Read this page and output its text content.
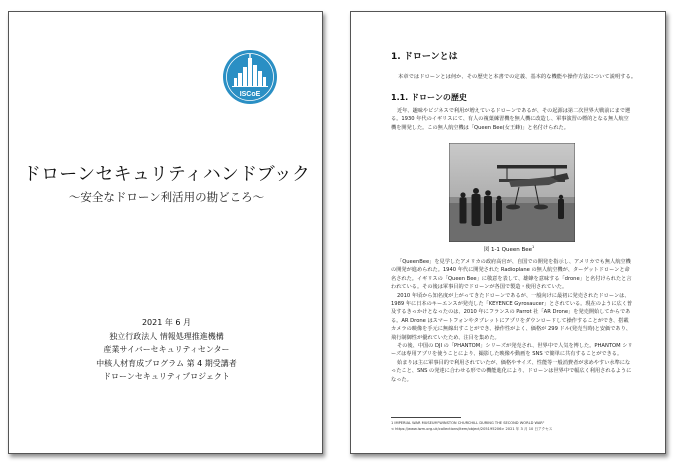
ISCoE
ドローンセキュリティハンドブック
～安全なドローン利活用の勘どころ～
2021 年 6 月
独立行政法人 情報処理推進機構
産業サイバーセキュリティセンター
中核人材育成プログラム 第 4 期受講者
ドローンセキュリティプロジェクト
1. ドローンとは
本章ではドローンとは何か、その歴史と本書での定義、基本的な機能や操作方法について説明する。
1.1. ドローンの歴史

近年、趣味やビジネスで利用が増えているドローンであるが、その起源は第二次世界大戦前にまで遡る。1930 年代のイギリスにて、有人の複葉練習機を無人機に改造し、軍事演習の標的となる無人航空機を開発した。この無人航空機は「Queen Bee(女王蜂)」と名付けられた。

図 1-1 Queen Bee$^1$

「QueenBee」を見学したアメリカの政府高官が、自国での開発を指示し、アメリカでも無人航空機の開発が進められた。1940 年代に開発された Radioplane の無人航空機が、ターゲットドローンと命名された。イギリスの「Queen Bee」に敬意を表して、雄蜂を意味する「drone」と名付けられたと言われている。その後は軍事目的でドローンが各国で製造・使用されていた。

2010 年頃から知名度が上がってきたドローンであるが、一般向けに最初に発売されたドローンは、1989 年に日本のキーエンスが発売した「KEYENCE Gyrosaucer」とされている。現在のように広く普及するきっかけとなったのは、2010 年にフランスの Parrot 社「AR Drone」を発売開始してからである。AR Drone はスマートフォンやタブレットにアプリをダウンロードして操作することができ、搭載カメラの映像を手元に無線出すことができ、操作性がよく、価格が 299 ドル(発売当時)と安価であり、飛行制御性が優れていたため、注目を集めた。

その後、中国の DJI の「PHANTOM」シリーズが発売され、世界中で人気を博した。PHANTOM シリーズは専用アプリを使うことにより、撮影した映像や動画を SNS で簡単に共有することができる。

始まりは主に軍事目的で利用されていたが、価格やサイズ、性能等一般消費者が求めやすい水準になったこと、SNS の発達に合わせる形での機能進化により、ドローンは世界中で幅広く利用されるようになった。

1 IMPERIAL WAR MUSEUM"WINSTON CHURCHILL DURING THE SECOND WORLD WAR"
< https://www.iwm.org.uk/collections/item/object/205195206> 2021 年 3 月 10 日アクセス
